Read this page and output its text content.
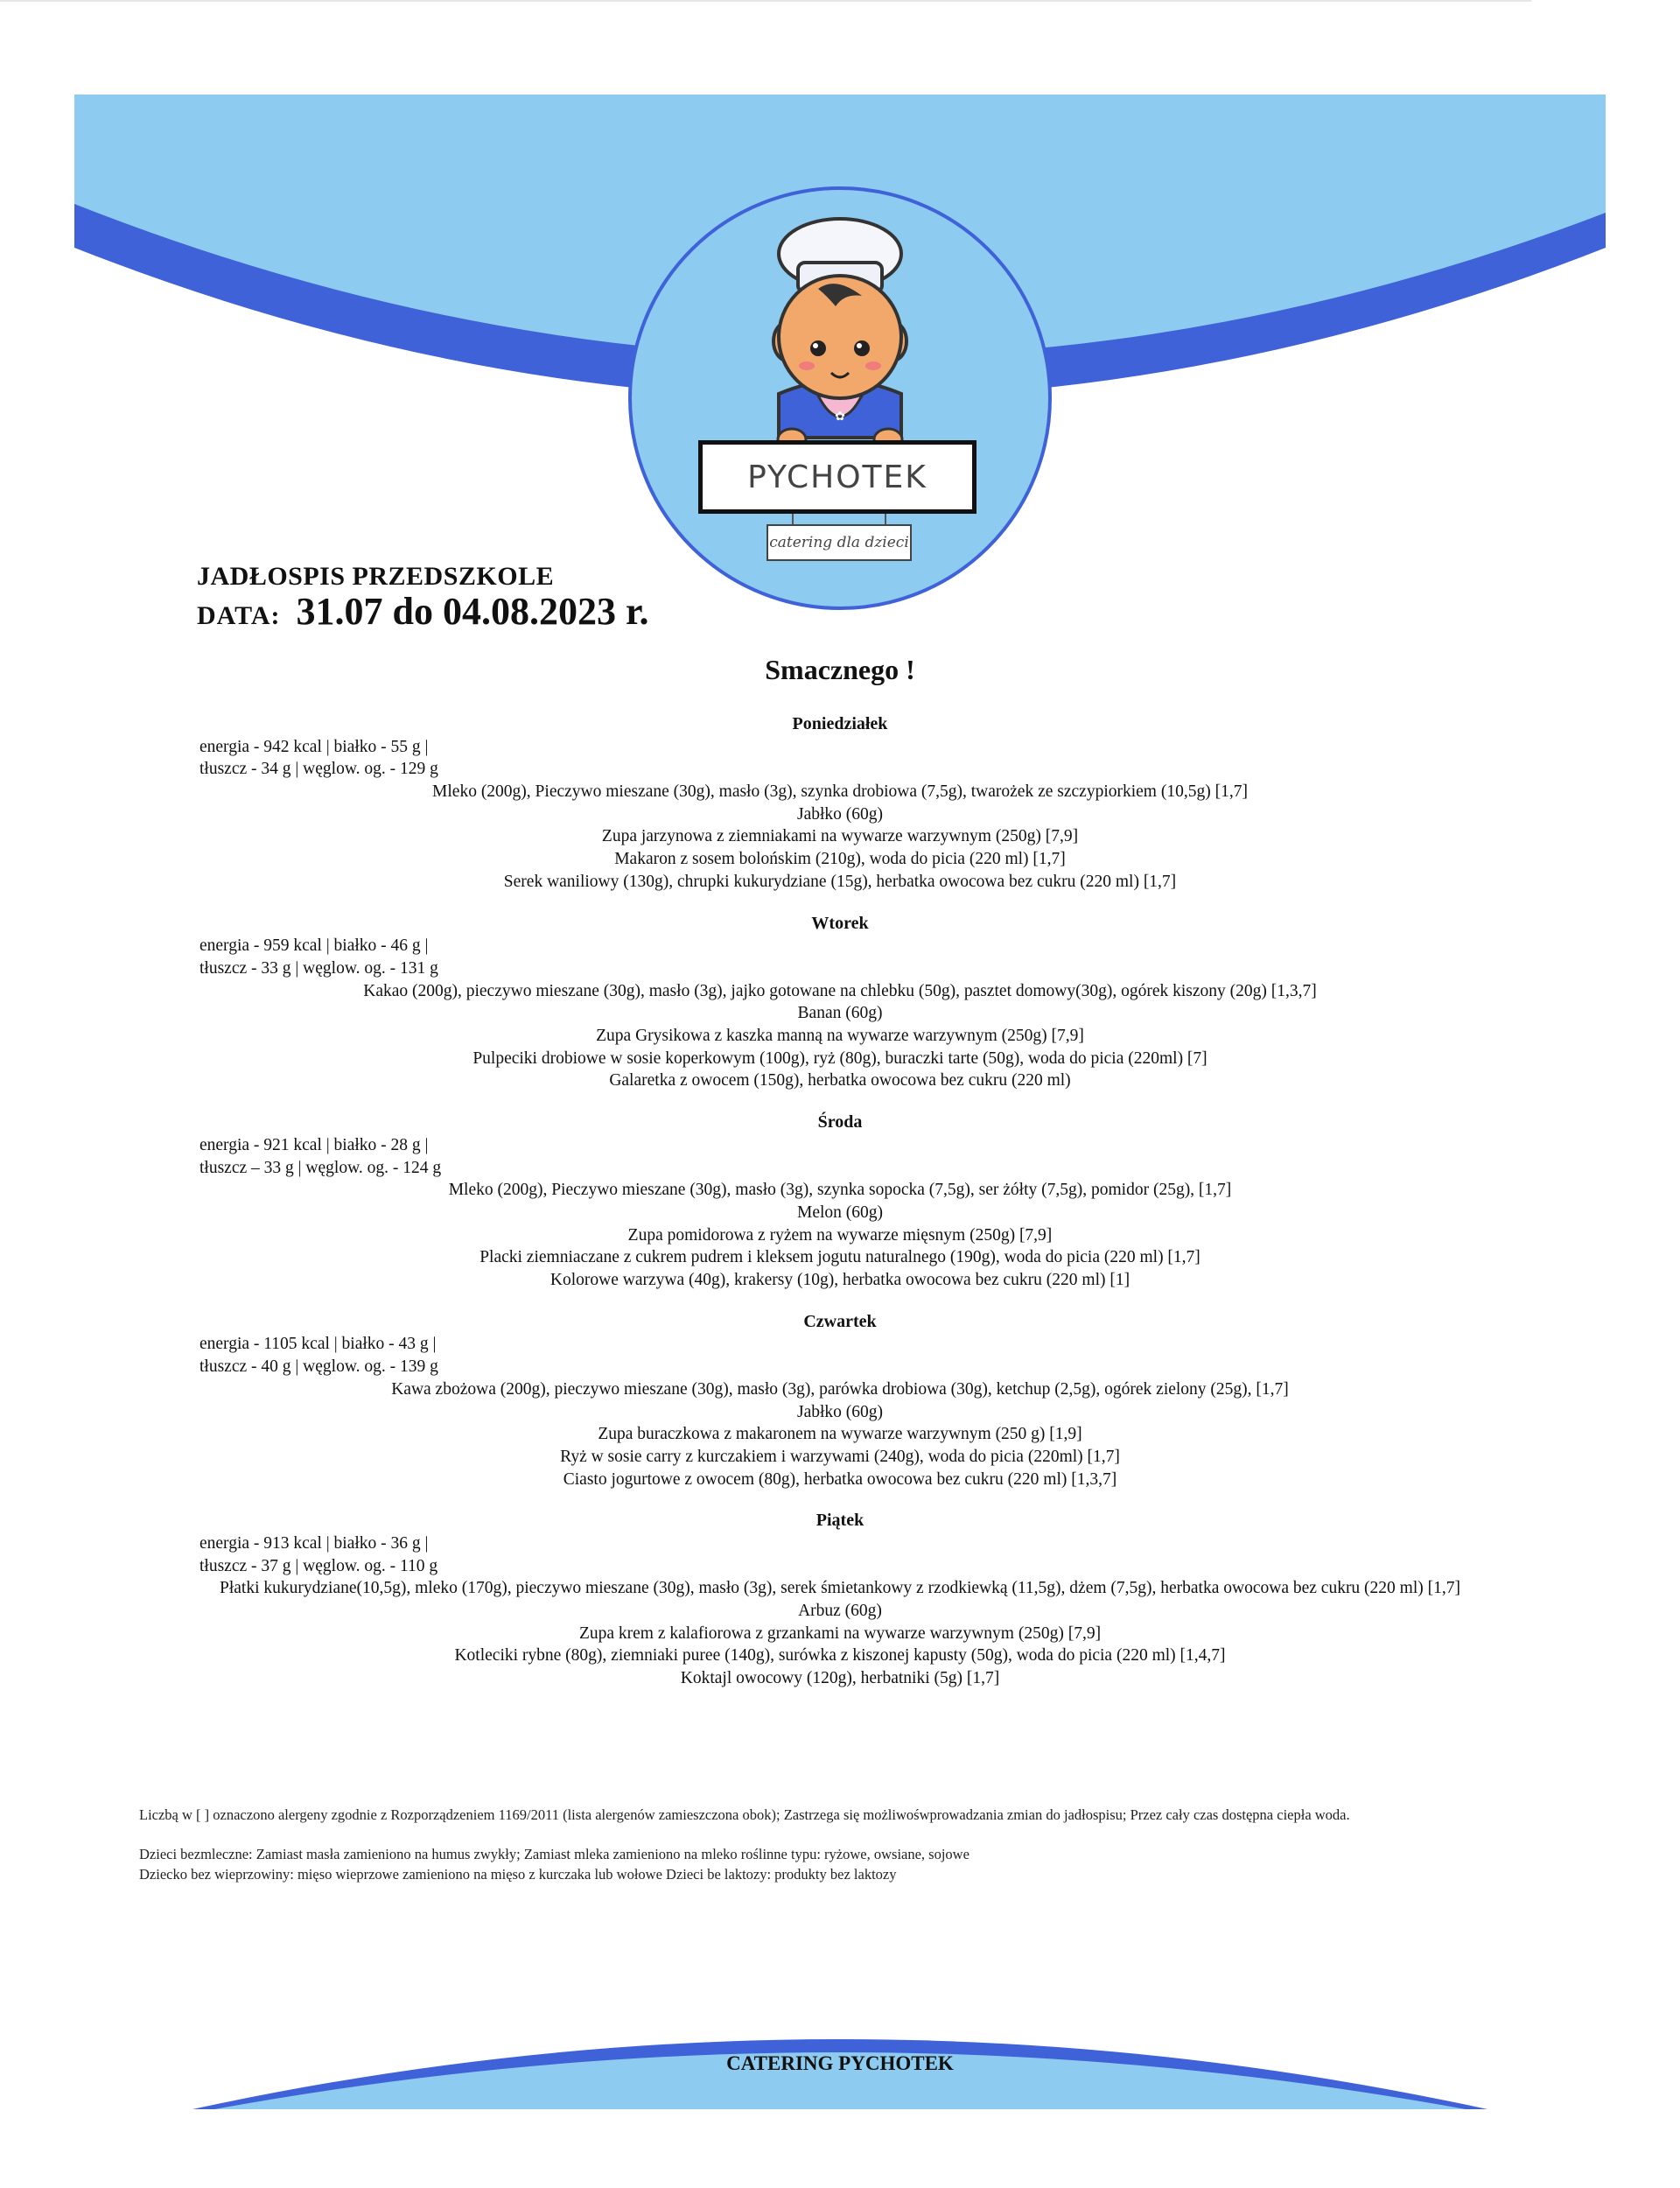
✿
PYCHOTEK
catering dla dzieci
JADŁOSPIS PRZEDSZKOLE
DATA: 31.07 do 04.08.2023 r.
Smacznego !
Poniedziałek
energia - 942 kcal | białko - 55 g |
tłuszcz - 34 g | węglow. og. - 129 g
Mleko (200g), Pieczywo mieszane (30g), masło (3g), szynka drobiowa (7,5g), twarożek ze szczypiorkiem (10,5g) [1,7]
Jabłko (60g)
Zupa jarzynowa z ziemniakami na wywarze warzywnym (250g) [7,9]
Makaron z sosem bolońskim (210g), woda do picia (220 ml) [1,7]
Serek waniliowy (130g), chrupki kukurydziane (15g), herbatka owocowa bez cukru (220 ml) [1,7]
Wtorek
energia - 959 kcal | białko - 46 g |
tłuszcz - 33 g | węglow. og. - 131 g
Kakao (200g), pieczywo mieszane (30g), masło (3g), jajko gotowane na chlebku (50g), pasztet domowy(30g), ogórek kiszony (20g) [1,3,7]
Banan (60g)
Zupa Grysikowa z kaszka manną na wywarze warzywnym (250g) [7,9]
Pulpeciki drobiowe w sosie koperkowym (100g), ryż (80g), buraczki tarte (50g), woda do picia (220ml) [7]
Galaretka z owocem (150g), herbatka owocowa bez cukru (220 ml)
Środa
energia - 921 kcal | białko - 28 g |
tłuszcz – 33 g | węglow. og. - 124 g
Mleko (200g), Pieczywo mieszane (30g), masło (3g), szynka sopocka (7,5g), ser żółty (7,5g), pomidor (25g), [1,7]
Melon (60g)
Zupa pomidorowa z ryżem na wywarze mięsnym (250g) [7,9]
Placki ziemniaczane z cukrem pudrem i kleksem jogutu naturalnego (190g), woda do picia (220 ml) [1,7]
Kolorowe warzywa (40g), krakersy (10g), herbatka owocowa bez cukru (220 ml) [1]
Czwartek
energia - 1105 kcal | białko - 43 g |
tłuszcz - 40 g | węglow. og. - 139 g
Kawa zbożowa (200g), pieczywo mieszane (30g), masło (3g), parówka drobiowa (30g), ketchup (2,5g), ogórek zielony (25g), [1,7]
Jabłko (60g)
Zupa buraczkowa z makaronem na wywarze warzywnym (250 g) [1,9]
Ryż w sosie carry z kurczakiem i warzywami (240g), woda do picia (220ml) [1,7]
Ciasto jogurtowe z owocem (80g), herbatka owocowa bez cukru (220 ml) [1,3,7]
Piątek
energia - 913 kcal | białko - 36 g |
tłuszcz - 37 g | węglow. og. - 110 g
Płatki kukurydziane(10,5g), mleko (170g), pieczywo mieszane (30g), masło (3g), serek śmietankowy z rzodkiewką (11,5g), dżem (7,5g), herbatka owocowa bez cukru (220 ml) [1,7]
Arbuz (60g)
Zupa krem z kalafiorowa z grzankami na wywarze warzywnym (250g) [7,9]
Kotleciki rybne (80g), ziemniaki puree (140g), surówka z kiszonej kapusty (50g), woda do picia (220 ml) [1,4,7]
Koktajl owocowy (120g), herbatniki (5g) [1,7]

Liczbą w [ ] oznaczono alergeny zgodnie z Rozporządzeniem 1169/2011 (lista alergenów zamieszczona obok); Zastrzega się możliwośwprowadzania zmian do jadłospisu; Przez cały czas dostępna ciepła woda.

Dzieci bezmleczne: Zamiast masła zamieniono na humus zwykły; Zamiast mleka zamieniono na mleko roślinne typu: ryżowe, owsiane, sojowe

Dziecko bez wieprzowiny: mięso wieprzowe zamieniono na mięso z kurczaka lub wołowe Dzieci be laktozy: produkty bez laktozy

CATERING PYCHOTEK
